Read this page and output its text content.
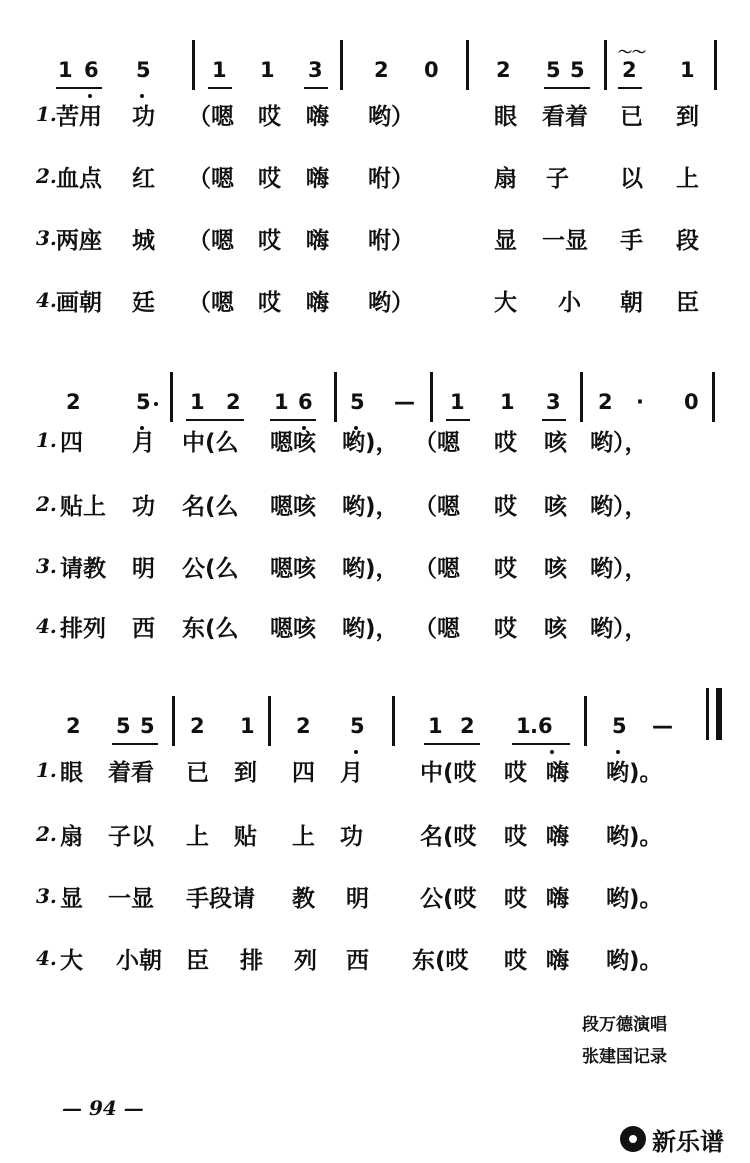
1 6 5	1 1 3 2 0	2 5 5
〜〜
2 1
1. 苦用 功 （嗯 哎 嗨 哟）	眼 看着 已 到
2. 血点 红 （嗯 哎 嗨 咐）	扇 子 以 上
3. 两座 城 （嗯 哎 嗨 咐）	显 一显 手 段
4. 画朝 廷 （嗯 哎 嗨 哟）	大 小 朝 臣
2	5 1 2 1 6 5 — 1 1 3 2 · 0
1. 四 月 中(么 嗯咳 哟)， （嗯 哎 咳 哟），
2. 贴上 功 名(么 嗯咳 哟)， （嗯 哎 咳 哟），
3. 请教 明 公(么 嗯咳 哟)， （嗯 哎 咳 哟），
4. 排列 西 东(么 嗯咳 哟)， （嗯 哎 咳 哟），
2 5 5 2 1 2 5	1 2 1 .6	5 —
1. 眼 着看 已 到 四 月 中(哎 哎 嗨 哟)。
2. 扇 子以 上 贴 上 功 名(哎 哎 嗨 哟)。
3. 显 一显 手段请 教 明 公(哎 哎 嗨 哟)。
4. 大 小朝 臣 排 列 西 东(哎 哎 嗨 哟)。
段万德演唱
张建国记录
— 94 —
新乐谱
